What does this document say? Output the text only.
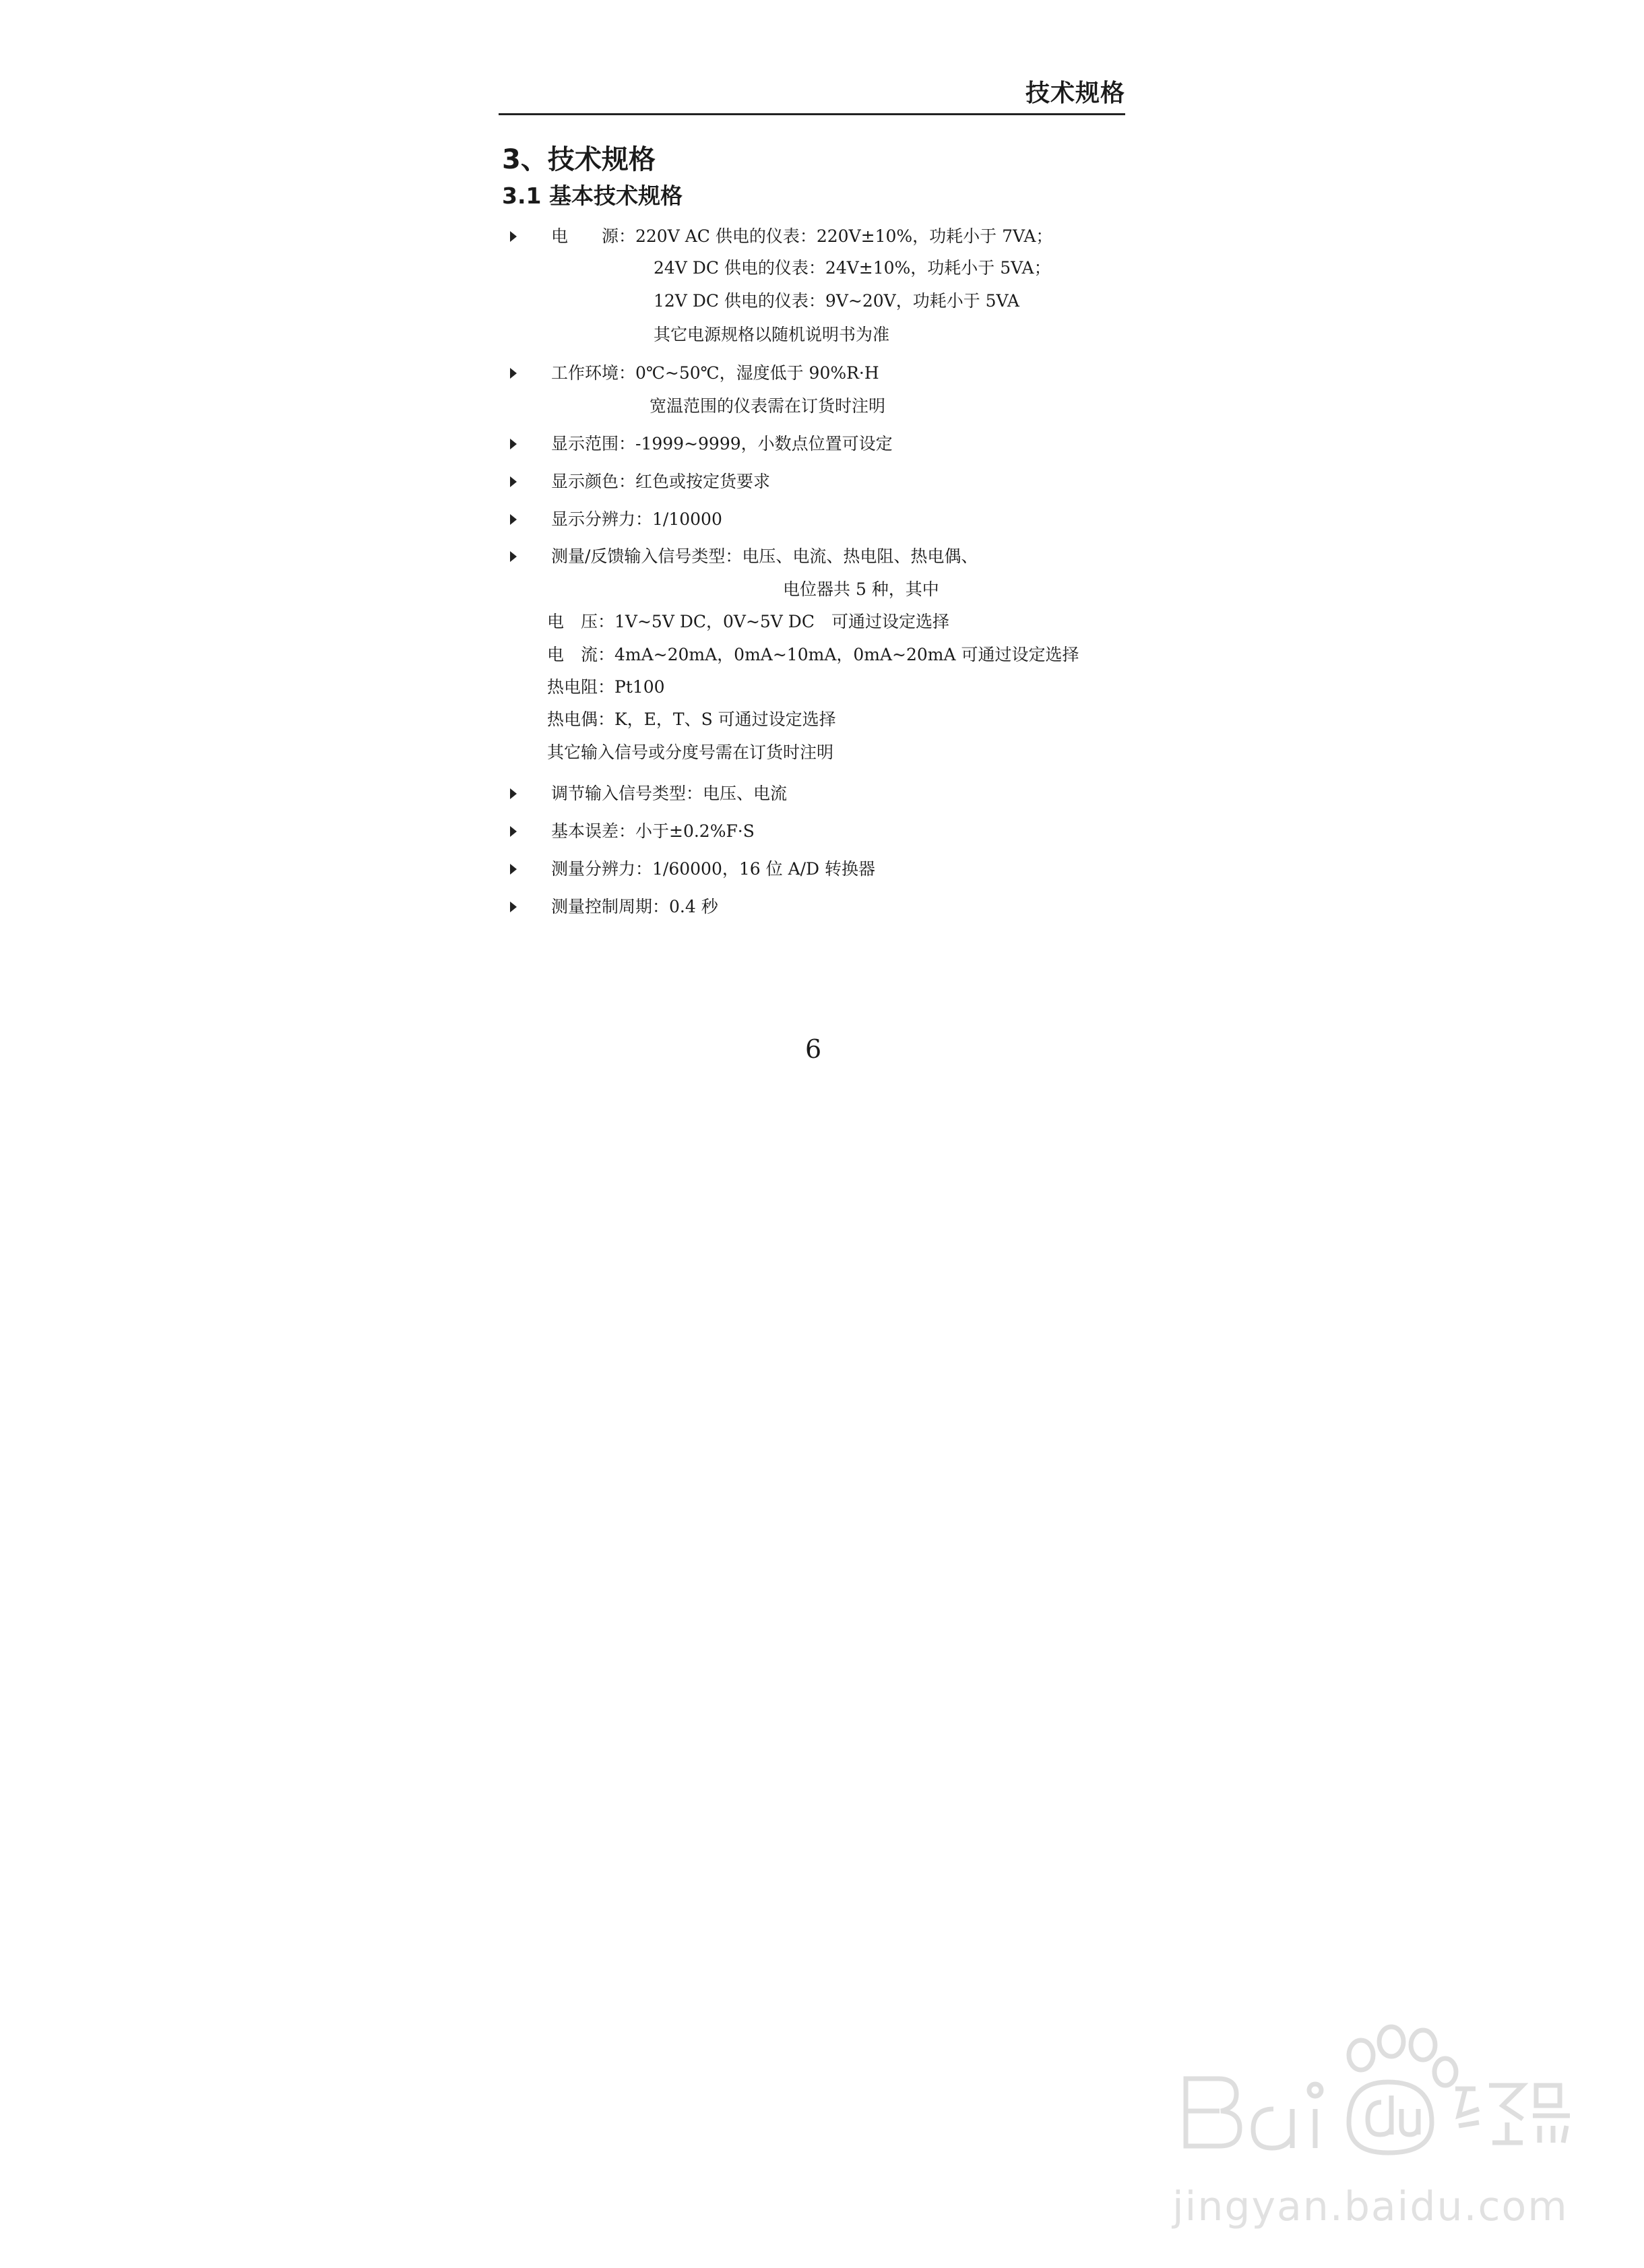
技术规格
3、技术规格
3.1 基本技术规格
电　　源：220V AC 供电的仪表：220V±10%，功耗小于 7VA；
24V DC 供电的仪表：24V±10%，功耗小于 5VA；
12V DC 供电的仪表：9V~20V，功耗小于 5VA
其它电源规格以随机说明书为准
工作环境：0℃~50℃，湿度低于 90%R·H
宽温范围的仪表需在订货时注明
显示范围：-1999~9999，小数点位置可设定
显示颜色：红色或按定货要求
显示分辨力：1/10000
测量/反馈输入信号类型：电压、电流、热电阻、热电偶、
电位器共 5 种，其中
电　压：1V~5V DC，0V~5V DC　可通过设定选择
电　流：4mA~20mA，0mA~10mA，0mA~20mA 可通过设定选择
热电阻：Pt100
热电偶：K，E，T、S 可通过设定选择
其它输入信号或分度号需在订货时注明
调节输入信号类型：电压、电流
基本误差：小于±0.2%F·S
测量分辨力：1/60000，16 位 A/D 转换器
测量控制周期：0.4 秒
6
jingyan.baidu.com
